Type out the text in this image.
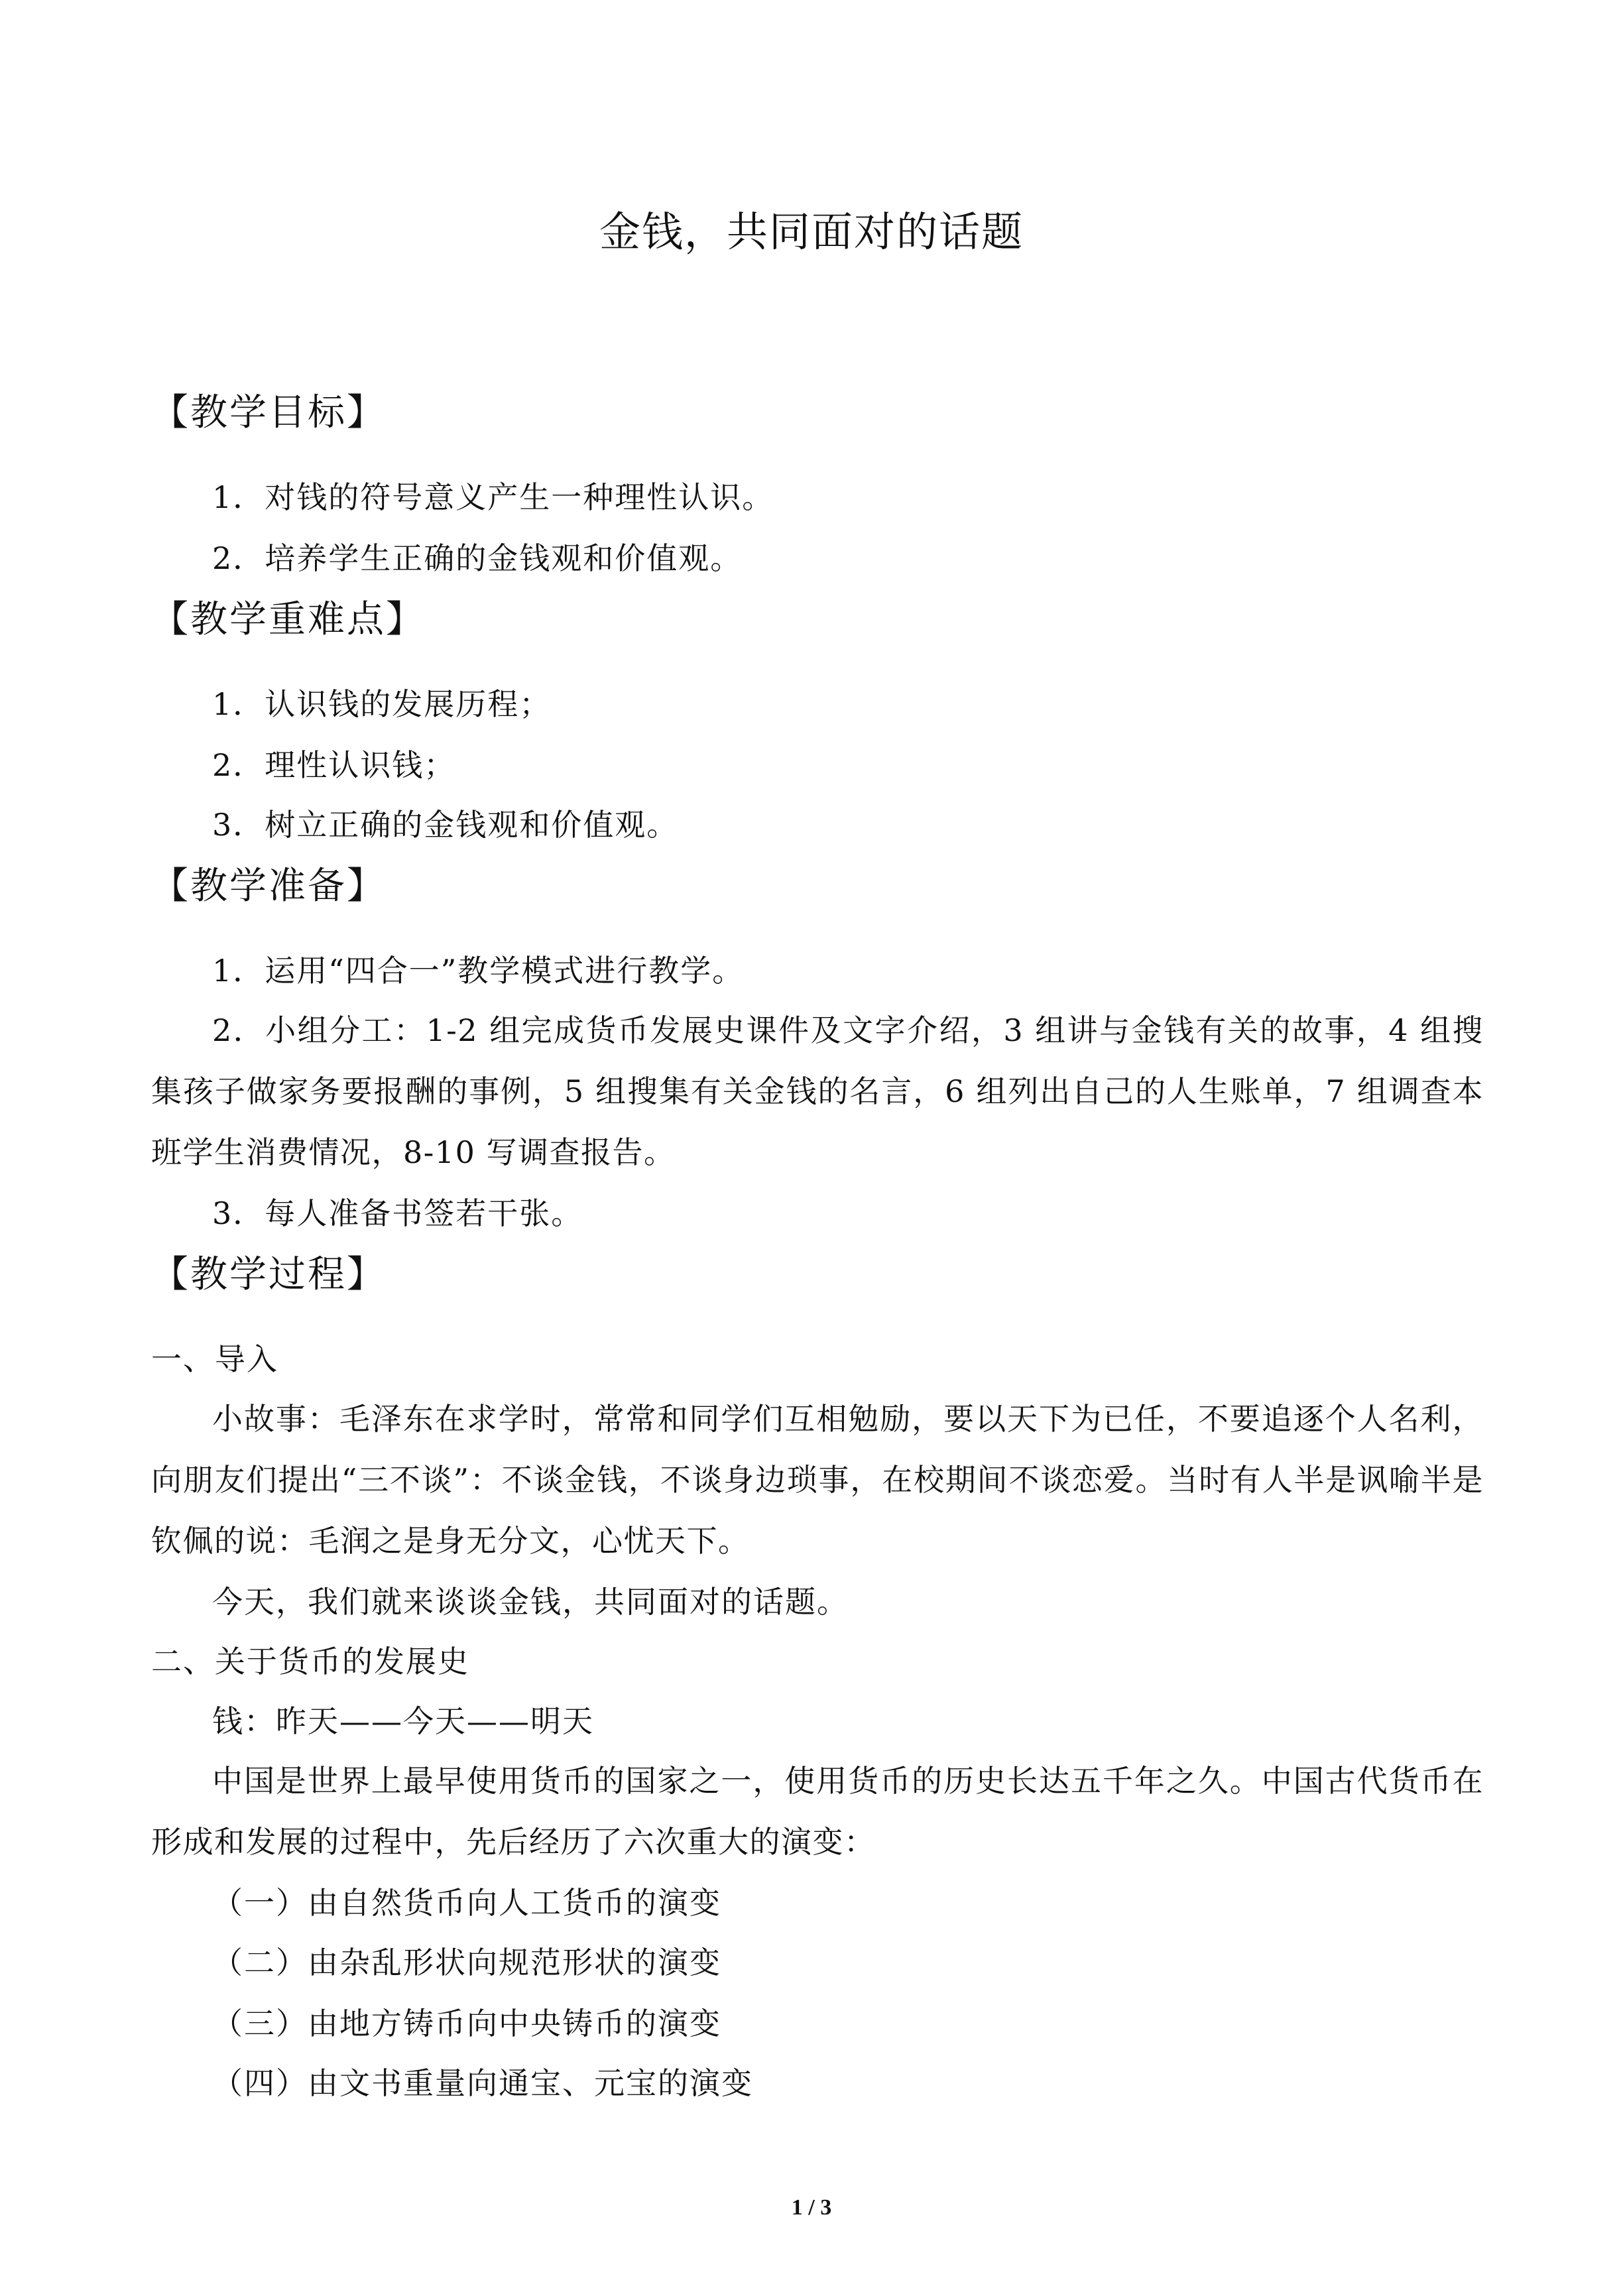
金钱，共同面对的话题
【教学目标】
1．对钱的符号意义产生一种理性认识。
2．培养学生正确的金钱观和价值观。
【教学重难点】
1．认识钱的发展历程；
2．理性认识钱；
3．树立正确的金钱观和价值观。
【教学准备】
1．运用“四合一”教学模式进行教学。
2．小组分工：1-2 组完成货币发展史课件及文字介绍，3 组讲与金钱有关的故事，4 组搜集孩子做家务要报酬的事例，5 组搜集有关金钱的名言，6 组列出自己的人生账单，7 组调查本班学生消费情况，8-10 写调查报告。
3．每人准备书签若干张。
【教学过程】
一、导入
小故事：毛泽东在求学时，常常和同学们互相勉励，要以天下为已任，不要追逐个人名利，向朋友们提出“三不谈”：不谈金钱，不谈身边琐事，在校期间不谈恋爱。当时有人半是讽喻半是钦佩的说：毛润之是身无分文，心忧天下。
今天，我们就来谈谈金钱，共同面对的话题。
二、关于货币的发展史
钱：昨天——今天——明天
中国是世界上最早使用货币的国家之一，使用货币的历史长达五千年之久。中国古代货币在形成和发展的过程中，先后经历了六次重大的演变：
（一）由自然货币向人工货币的演变
（二）由杂乱形状向规范形状的演变
（三）由地方铸币向中央铸币的演变
（四）由文书重量向通宝、元宝的演变
1 / 3
